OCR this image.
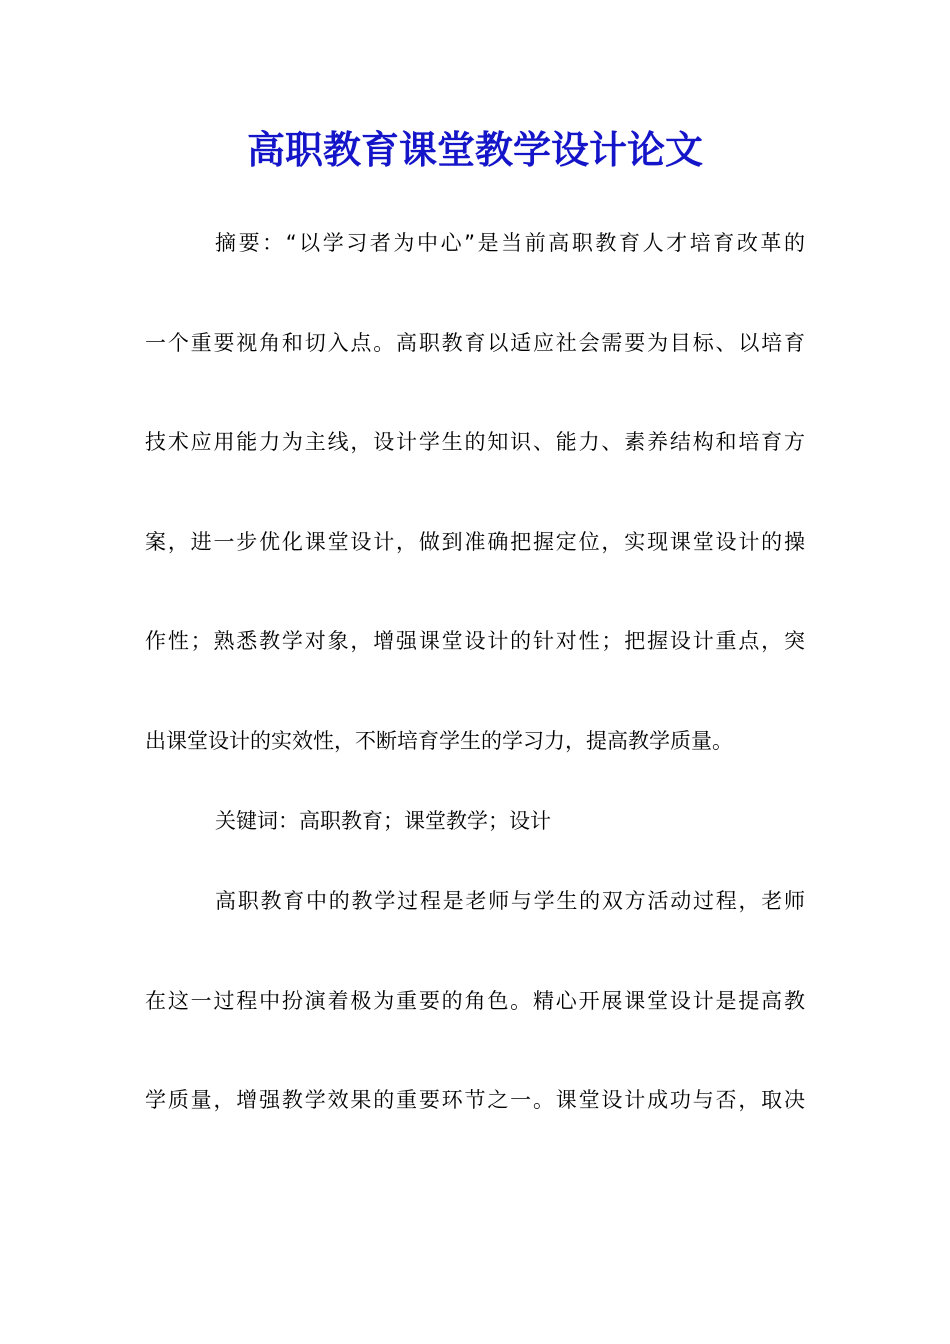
高职教育课堂教学设计论文
摘要：“以学习者为中心”是当前高职教育人才培育改革的
一个重要视角和切入点。高职教育以适应社会需要为目标、以培育
技术应用能力为主线，设计学生的知识、能力、素养结构和培育方
案，进一步优化课堂设计，做到准确把握定位，实现课堂设计的操
作性；熟悉教学对象，增强课堂设计的针对性；把握设计重点，突
出课堂设计的实效性，不断培育学生的学习力，提高教学质量。
关键词：高职教育；课堂教学；设计
高职教育中的教学过程是老师与学生的双方活动过程，老师
在这一过程中扮演着极为重要的角色。精心开展课堂设计是提高教
学质量，增强教学效果的重要环节之一。课堂设计成功与否，取决
